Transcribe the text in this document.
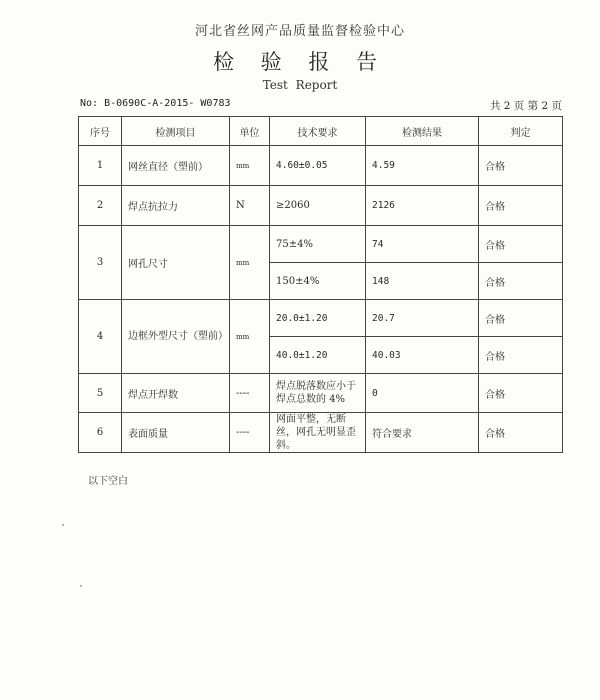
河北省丝网产品质量监督检验中心
检 验 报 告
Test Report
No: B-0690C-A-2015- W0783	共 2 页 第 2 页
序号	检测项目	单位	技术要求	检测结果	判定
1	网丝直径（塑前）	mm	4.60±0.05	4.59	合格
2	焊点抗拉力	N	≥2060	2126	合格
3	网孔尺寸	mm	75±4%	74	合格
			150±4%	148	合格
4	边框外型尺寸（塑前）	mm	20.0±1.20	20.7	合格
			40.0±1.20	40.03	合格
5	焊点开焊数	----	焊点脱落数应小于焊点总数的 4%	0	合格
6	表面质量	----	网面平整，无断丝，网孔无明显歪斜。	符合要求	合格
以下空白
